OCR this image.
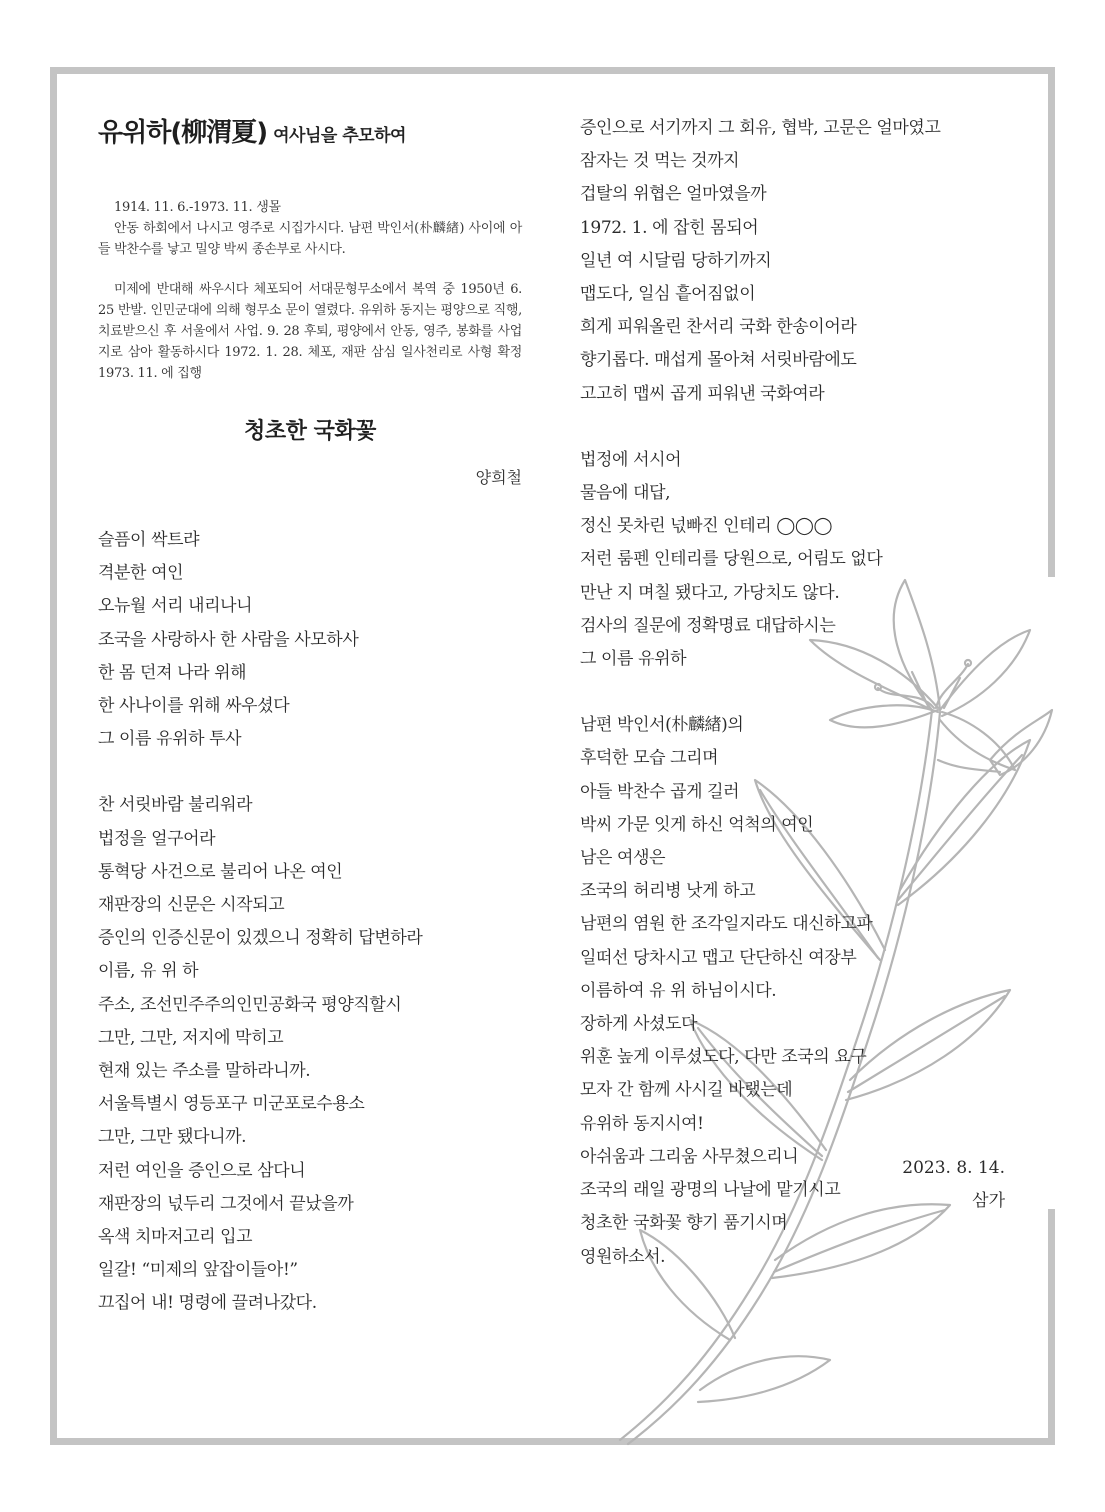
유위하(柳渭夏) 여사님을 추모하여

1914. 11. 6.-1973. 11. 생몰

안동 하회에서 나시고 영주로 시집가시다. 남편 박인서(朴麟緖) 사이에 아들 박찬수를 낳고 밀양 박씨 종손부로 사시다.

미제에 반대해 싸우시다 체포되어 서대문형무소에서 복역 중 1950년 6. 25 반발. 인민군대에 의해 형무소 문이 열렸다. 유위하 동지는 평양으로 직행, 치료받으신 후 서울에서 사업. 9. 28 후퇴, 평양에서 안동, 영주, 봉화를 사업지로 삼아 활동하시다 1972. 1. 28. 체포, 재판 삼심 일사천리로 사형 확정 1973. 11. 에 집행

청초한 국화꽃
양희철
슬픔이 싹트랴
격분한 여인
오뉴월 서리 내리나니
조국을 사랑하사 한 사람을 사모하사
한 몸 던져 나라 위해
한 사나이를 위해 싸우셨다
그 이름 유위하 투사
찬 서릿바람 불리워라
법정을 얼구어라
통혁당 사건으로 불리어 나온 여인
재판장의 신문은 시작되고
증인의 인증신문이 있겠으니 정확히 답변하라
이름, 유 위 하
주소, 조선민주주의인민공화국 평양직할시
그만, 그만, 저지에 막히고
현재 있는 주소를 말하라니까.
서울특별시 영등포구 미군포로수용소
그만, 그만 됐다니까.
저런 여인을 증인으로 삼다니
재판장의 넋두리 그것에서 끝났을까
옥색 치마저고리 입고
일갈! “미제의 앞잡이들아!”
끄집어 내! 명령에 끌려나갔다.
증인으로 서기까지 그 회유, 협박, 고문은 얼마였고
잠자는 것 먹는 것까지
겁탈의 위협은 얼마였을까
1972. 1. 에 잡힌 몸되어
일년 여 시달림 당하기까지
맵도다, 일심 흩어짐없이
희게 피워올린 찬서리 국화 한송이어라
향기롭다. 매섭게 몰아쳐 서릿바람에도
고고히 맵씨 곱게 피워낸 국화여라
법정에 서시어
물음에 대답,
정신 못차린 넋빠진 인테리 ◯◯◯
저런 룸펜 인테리를 당원으로, 어림도 없다
만난 지 며칠 됐다고, 가당치도 않다.
검사의 질문에 정확명료 대답하시는
그 이름 유위하
남편 박인서(朴麟緖)의
후덕한 모습 그리며
아들 박찬수 곱게 길러
박씨 가문 잇게 하신 억척의 여인
남은 여생은
조국의 허리병 낫게 하고
남편의 염원 한 조각일지라도 대신하고파
일떠선 당차시고 맵고 단단하신 여장부
이름하여 유 위 하님이시다.
장하게 사셨도다
위훈 높게 이루셨도다, 다만 조국의 요구
모자 간 함께 사시길 바랬는데
유위하 동지시여!
아쉬움과 그리움 사무쳤으리니
조국의 래일 광명의 나날에 맡기시고
청초한 국화꽃 향기 품기시며
영원하소서.
2023. 8. 14.
삼가
